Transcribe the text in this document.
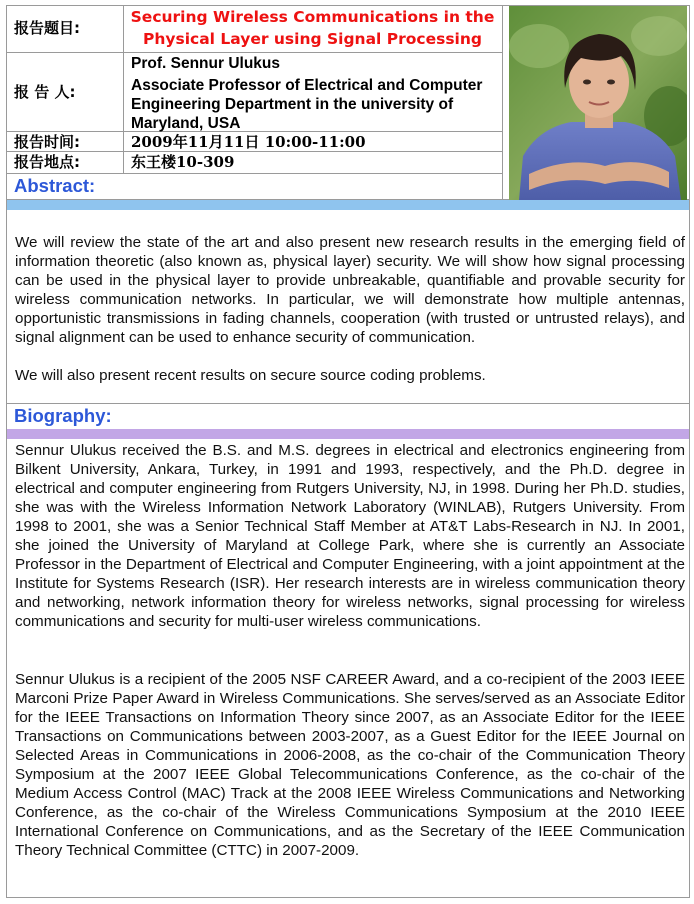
报告题目:
Securing Wireless Communications in the Physical Layer using Signal Processing
报 告 人:
Prof. Sennur Ulukus
Associate Professor of Electrical and Computer Engineering Department in the university of Maryland, USA
报告时间:	2009年11月11日 10:00-11:00
报告地点:	东王楼10-309
Abstract:
We will review the state of the art and also present new research results in the emerging field of information theoretic (also known as, physical layer) security. We will show how signal processing can be used in the physical layer to provide unbreakable, quantifiable and provable security for wireless communication networks. In particular, we will demonstrate how multiple antennas, opportunistic transmissions in fading channels, cooperation (with trusted or untrusted relays), and signal alignment can be used to enhance security of communication.
We will also present recent results on secure source coding problems.
Biography:
Sennur Ulukus received the B.S. and M.S. degrees in electrical and electronics engineering from Bilkent University, Ankara, Turkey, in 1991 and 1993, respectively, and the Ph.D. degree in electrical and computer engineering from Rutgers University, NJ, in 1998. During her Ph.D. studies, she was with the Wireless Information Network Laboratory (WINLAB), Rutgers University. From 1998 to 2001, she was a Senior Technical Staff Member at AT&T Labs-Research in NJ. In 2001, she joined the University of Maryland at College Park, where she is currently an Associate Professor in the Department of Electrical and Computer Engineering, with a joint appointment at the Institute for Systems Research (ISR). Her research interests are in wireless communication theory and networking, network information theory for wireless networks, signal processing for wireless communications and security for multi-user wireless communications.
Sennur Ulukus is a recipient of the 2005 NSF CAREER Award, and a co-recipient of the 2003 IEEE Marconi Prize Paper Award in Wireless Communications. She serves/served as an Associate Editor for the IEEE Transactions on Information Theory since 2007, as an Associate Editor for the IEEE Transactions on Communications between 2003-2007, as a Guest Editor for the IEEE Journal on Selected Areas in Communications in 2006-2008, as the co-chair of the Communication Theory Symposium at the 2007 IEEE Global Telecommunications Conference, as the co-chair of the Medium Access Control (MAC) Track at the 2008 IEEE Wireless Communications and Networking Conference, as the co-chair of the Wireless Communications Symposium at the 2010 IEEE International Conference on Communications, and as the Secretary of the IEEE Communication Theory Technical Committee (CTTC) in 2007-2009.
